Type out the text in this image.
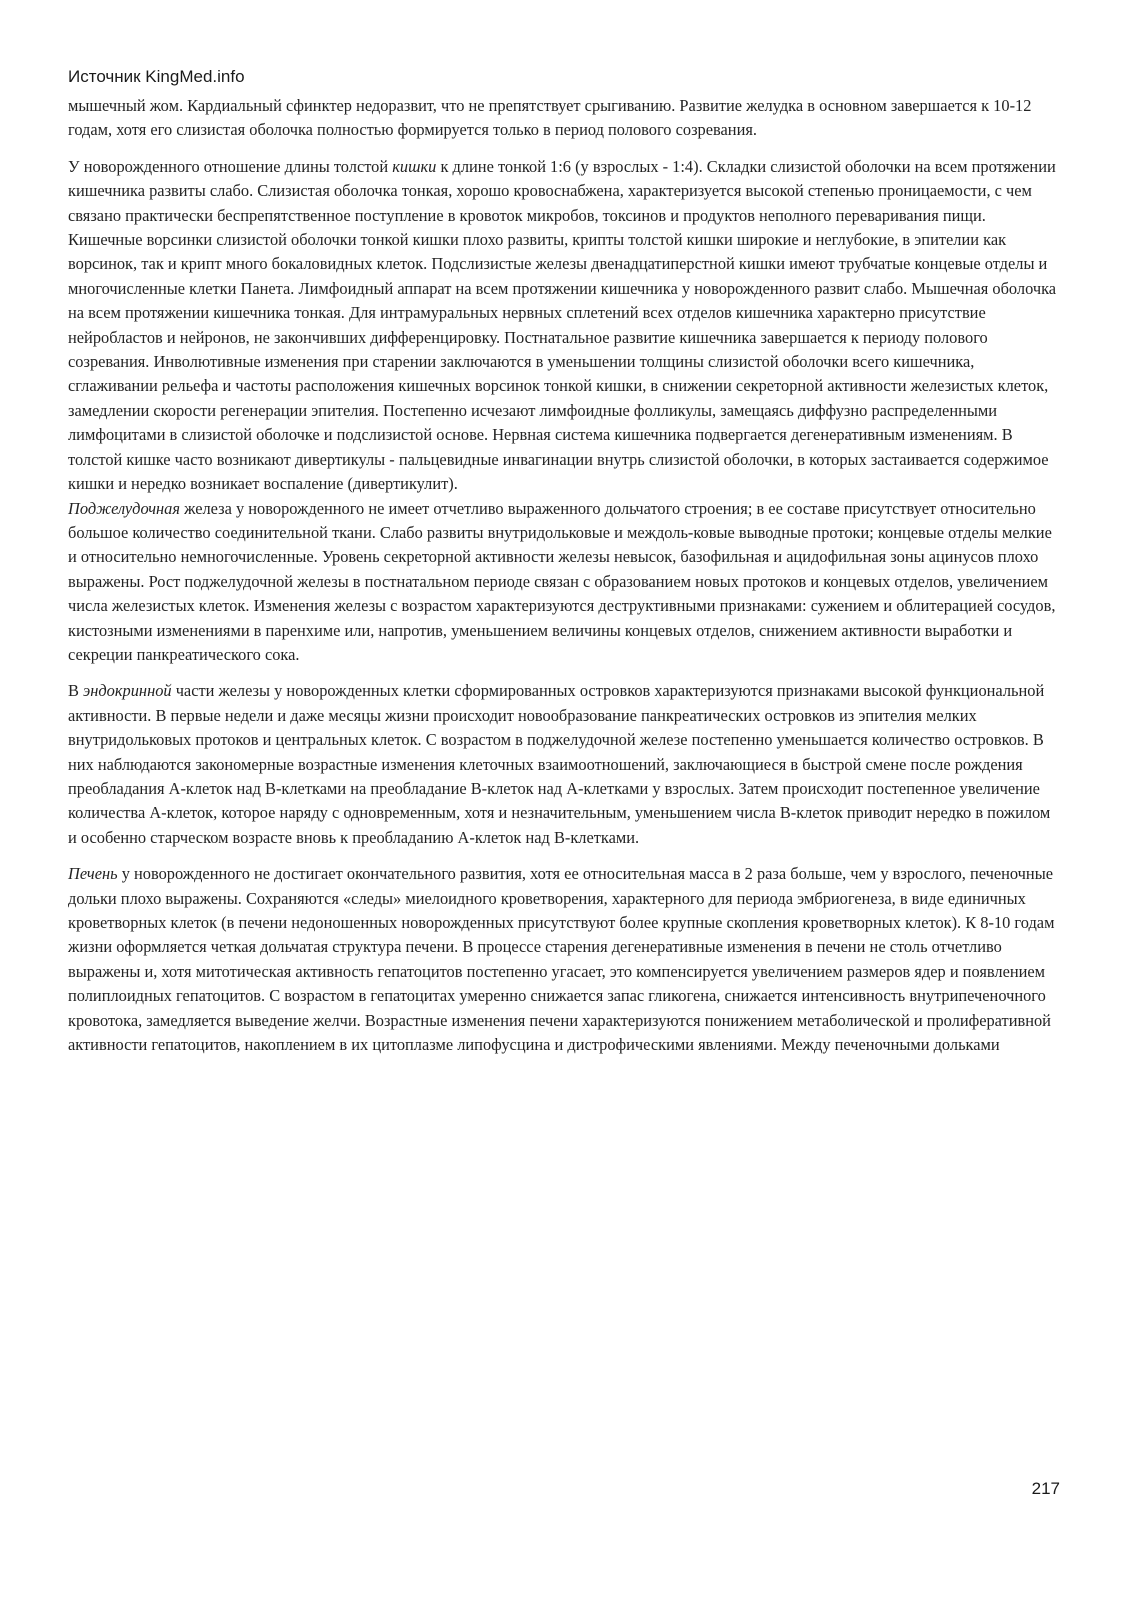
Источник KingMed.info

мышечный жом. Кардиальный сфинктер недоразвит, что не препятствует срыгиванию. Развитие желудка в основном завершается к 10-12 годам, хотя его слизистая оболочка полностью формируется только в период полового созревания.

У новорожденного отношение длины толстой кишки к длине тонкой 1:6 (у взрослых - 1:4). Складки слизистой оболочки на всем протяжении кишечника развиты слабо. Слизистая оболочка тонкая, хорошо кровоснабжена, характеризуется высокой степенью проницаемости, с чем связано практически беспрепятственное поступление в кровоток микробов, токсинов и продуктов неполного переваривания пищи. Кишечные ворсинки слизистой оболочки тонкой кишки плохо развиты, крипты толстой кишки широкие и неглубокие, в эпителии как ворсинок, так и крипт много бокаловидных клеток. Подслизистые железы двенадцатиперстной кишки имеют трубчатые концевые отделы и многочисленные клетки Панета. Лимфоидный аппарат на всем протяжении кишечника у новорожденного развит слабо. Мышечная оболочка на всем протяжении кишечника тонкая. Для интрамуральных нервных сплетений всех отделов кишечника характерно присутствие нейробластов и нейронов, не закончивших дифференцировку. Постнатальное развитие кишечника завершается к периоду полового созревания. Инволютивные изменения при старении заключаются в уменьшении толщины слизистой оболочки всего кишечника, сглаживании рельефа и частоты расположения кишечных ворсинок тонкой кишки, в снижении секреторной активности железистых клеток, замедлении скорости регенерации эпителия. Постепенно исчезают лимфоидные фолликулы, замещаясь диффузно распределенными лимфоцитами в слизистой оболочке и подслизистой основе. Нервная система кишечника подвергается дегенеративным изменениям. В толстой кишке часто возникают дивертикулы - пальцевидные инвагинации внутрь слизистой оболочки, в которых застаивается содержимое кишки и нередко возникает воспаление (дивертикулит).

Поджелудочная железа у новорожденного не имеет отчетливо выраженного дольчатого строения; в ее составе присутствует относительно большое количество соединительной ткани. Слабо развиты внутридольковые и междоль-ковые выводные протоки; концевые отделы мелкие и относительно немногочисленные. Уровень секреторной активности железы невысок, базофильная и ацидофильная зоны ацинусов плохо выражены. Рост поджелудочной железы в постнатальном периоде связан с образованием новых протоков и концевых отделов, увеличением числа железистых клеток. Изменения железы с возрастом характеризуются деструктивными признаками: сужением и облитерацией сосудов, кистозными изменениями в паренхиме или, напротив, уменьшением величины концевых отделов, снижением активности выработки и секреции панкреатического сока.

В эндокринной части железы у новорожденных клетки сформированных островков характеризуются признаками высокой функциональной активности. В первые недели и даже месяцы жизни происходит новообразование панкреатических островков из эпителия мелких внутридольковых протоков и центральных клеток. С возрастом в поджелудочной железе постепенно уменьшается количество островков. В них наблюдаются закономерные возрастные изменения клеточных взаимоотношений, заключающиеся в быстрой смене после рождения преобладания А-клеток над В-клетками на преобладание В-клеток над А-клетками у взрослых. Затем происходит постепенное увеличение количества А-клеток, которое наряду с одновременным, хотя и незначительным, уменьшением числа В-клеток приводит нередко в пожилом и особенно старческом возрасте вновь к преобладанию А-клеток над В-клетками.

Печень у новорожденного не достигает окончательного развития, хотя ее относительная масса в 2 раза больше, чем у взрослого, печеночные дольки плохо выражены. Сохраняются «следы» миелоидного кроветворения, характерного для периода эмбриогенеза, в виде единичных кроветворных клеток (в печени недоношенных новорожденных присутствуют более крупные скопления кроветворных клеток). К 8-10 годам жизни оформляется четкая дольчатая структура печени. В процессе старения дегенеративные изменения в печени не столь отчетливо выражены и, хотя митотическая активность гепатоцитов постепенно угасает, это компенсируется увеличением размеров ядер и появлением полиплоидных гепатоцитов. С возрастом в гепатоцитах умеренно снижается запас гликогена, снижается интенсивность внутрипеченочного кровотока, замедляется выведение желчи. Возрастные изменения печени характеризуются понижением метаболической и пролиферативной активности гепатоцитов, накоплением в их цитоплазме липофусцина и дистрофическими явлениями. Между печеночными дольками

217
